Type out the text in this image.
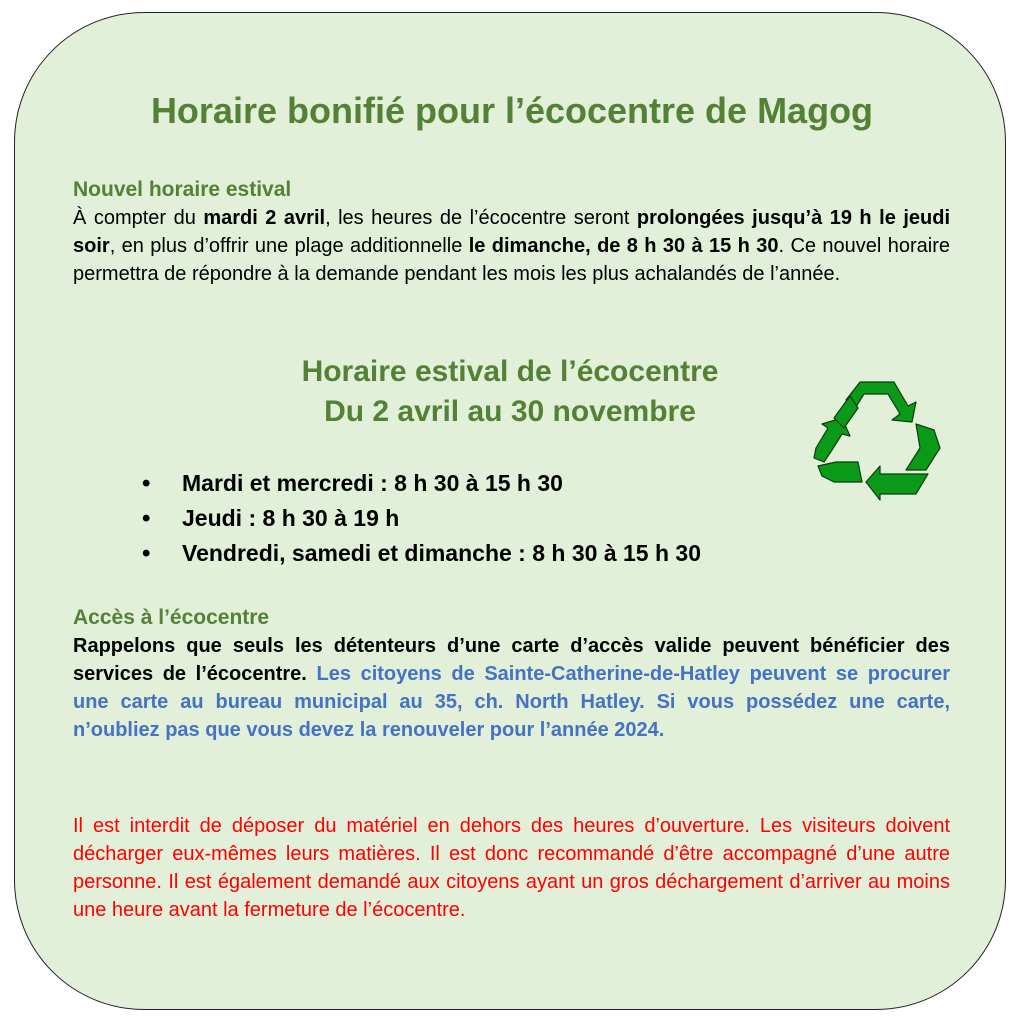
Horaire bonifié pour l’écocentre de Magog
Nouvel horaire estival

À compter du mardi 2 avril, les heures de l’écocentre seront prolongées jusqu’à 19 h le jeudi soir, en plus d’offrir une plage additionnelle le dimanche, de 8 h 30 à 15 h 30. Ce nouvel horaire permettra de répondre à la demande pendant les mois les plus achalandés de l’année.

Horaire estival de l’écocentre
Du 2 avril au 30 novembre
• Mardi et mercredi : 8 h 30 à 15 h 30
• Jeudi : 8 h 30 à 19 h
• Vendredi, samedi et dimanche : 8 h 30 à 15 h 30
Accès à l’écocentre

Rappelons que seuls les détenteurs d’une carte d’accès valide peuvent bénéficier des services de l’écocentre. Les citoyens de Sainte-Catherine-de-Hatley peuvent se procurer une carte au bureau municipal au 35, ch. North Hatley. Si vous possédez une carte, n’oubliez pas que vous devez la renouveler pour l’année 2024.

Il est interdit de déposer du matériel en dehors des heures d’ouverture. Les visiteurs doivent décharger eux-mêmes leurs matières. Il est donc recommandé d’être accompagné d’une autre personne. Il est également demandé aux citoyens ayant un gros déchargement d’arriver au moins une heure avant la fermeture de l’écocentre.
